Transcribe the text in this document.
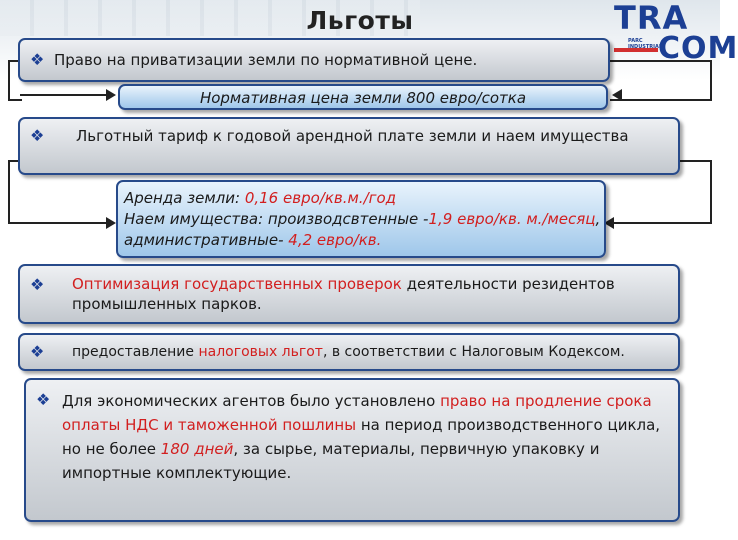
Льготы	TRA
PARC
INDUSTRIAL
COM
❖ Право на приватизации земли по нормативной цене.
Нормативная цена земли 800 евро/сотка
❖ Льготный тариф к годовой арендной плате земли и наем имущества
Аренда земли: 0,16 евро/кв.м./год
Наем имущества: производсвтенные -1,9 евро/кв. м./месяц, административные- 4,2 евро/кв.
❖ Оптимизация государственных проверок деятельности резидентов промышленных парков.
❖ предоставление налоговых льгот, в соответствии с Налоговым Кодексом.
❖ Для экономических агентов было установлено право на продление срока оплаты НДС и таможенной пошлины на период производственного цикла, но не более 180 дней, за сырье, материалы, первичную упаковку и импортные комплектующие.
